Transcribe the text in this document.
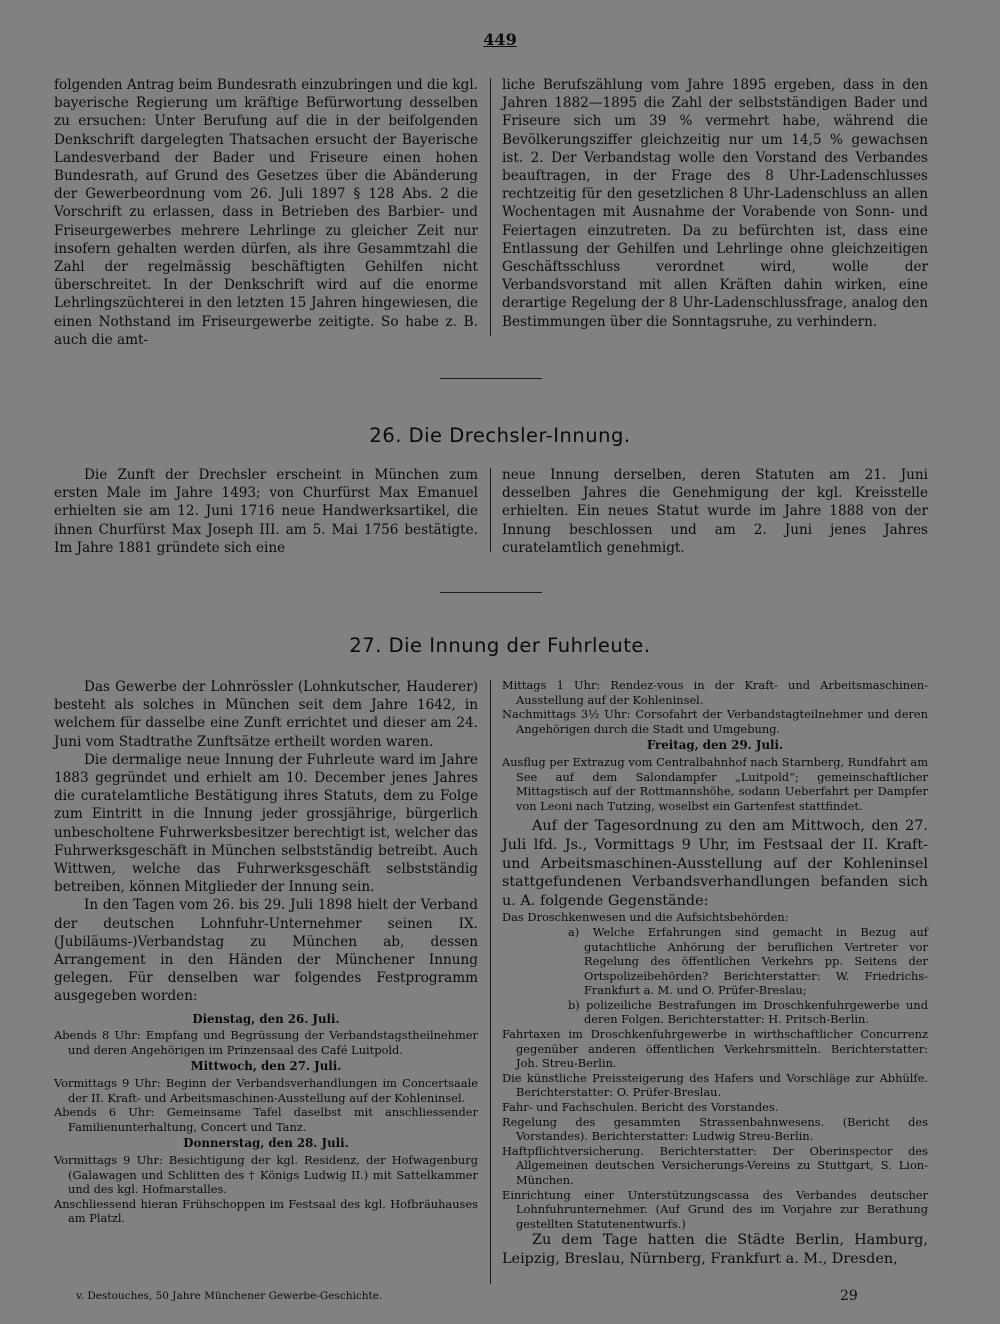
449

folgenden Antrag beim Bundesrath einzubringen und die kgl. bayerische Regierung um kräftige Befürwortung desselben zu ersuchen: Unter Berufung auf die in der beifolgenden Denkschrift dargelegten Thatsachen ersucht der Bayerische Landesverband der Bader und Friseure einen hohen Bundesrath, auf Grund des Gesetzes über die Abänderung der Gewerbeordnung vom 26. Juli 1897 § 128 Abs. 2 die Vorschrift zu erlassen, dass in Betrieben des Barbier- und Friseurgewerbes mehrere Lehrlinge zu gleicher Zeit nur insofern gehalten werden dürfen, als ihre Gesammtzahl die Zahl der regelmässig beschäftigten Gehilfen nicht überschreitet. In der Denkschrift wird auf die enorme Lehrlingszüchterei in den letzten 15 Jahren hingewiesen, die einen Nothstand im Friseurgewerbe zeitigte. So habe z. B. auch die amt-

liche Berufszählung vom Jahre 1895 ergeben, dass in den Jahren 1882—1895 die Zahl der selbstständigen Bader und Friseure sich um 39 % vermehrt habe, während die Bevölkerungsziffer gleichzeitig nur um 14,5 % gewachsen ist. 2. Der Verbandstag wolle den Vorstand des Verbandes beauftragen, in der Frage des 8 Uhr-Ladenschlusses rechtzeitig für den gesetzlichen 8 Uhr-Ladenschluss an allen Wochentagen mit Ausnahme der Vorabende von Sonn- und Feiertagen einzutreten. Da zu befürchten ist, dass eine Entlassung der Gehilfen und Lehrlinge ohne gleichzeitigen Geschäftsschluss verordnet wird, wolle der Verbandsvorstand mit allen Kräften dahin wirken, eine derartige Regelung der 8 Uhr-Ladenschlussfrage, analog den Bestimmungen über die Sonntagsruhe, zu verhindern.

26. Die Drechsler-Innung.

Die Zunft der Drechsler erscheint in München zum ersten Male im Jahre 1493; von Churfürst Max Emanuel erhielten sie am 12. Juni 1716 neue Handwerksartikel, die ihnen Churfürst Max Joseph III. am 5. Mai 1756 bestätigte. Im Jahre 1881 gründete sich eine

neue Innung derselben, deren Statuten am 21. Juni desselben Jahres die Genehmigung der kgl. Kreisstelle erhielten. Ein neues Statut wurde im Jahre 1888 von der Innung beschlossen und am 2. Juni jenes Jahres curatelamtlich genehmigt.

27. Die Innung der Fuhrleute.

Das Gewerbe der Lohnrössler (Lohnkutscher, Hauderer) besteht als solches in München seit dem Jahre 1642, in welchem für dasselbe eine Zunft errichtet und dieser am 24. Juni vom Stadtrathe Zunftsätze ertheilt worden waren.

Die dermalige neue Innung der Fuhrleute ward im Jahre 1883 gegründet und erhielt am 10. December jenes Jahres die curatelamtliche Bestätigung ihres Statuts, dem zu Folge zum Eintritt in die Innung jeder grossjährige, bürgerlich unbescholtene Fuhrwerksbesitzer berechtigt ist, welcher das Fuhrwerksgeschäft in München selbstständig betreibt. Auch Wittwen, welche das Fuhrwerksgeschäft selbstständig betreiben, können Mitglieder der Innung sein.

In den Tagen vom 26. bis 29. Juli 1898 hielt der Verband der deutschen Lohnfuhr-Unternehmer seinen IX. (Jubiläums-)Verbandstag zu München ab, dessen Arrangement in den Händen der Münchener Innung gelegen. Für denselben war folgendes Festprogramm ausgegeben worden:

Dienstag, den 26. Juli.

Abends 8 Uhr: Empfang und Begrüssung der Verbandstagstheilnehmer und deren Angehörigen im Prinzensaal des Café Luitpold.

Mittwoch, den 27. Juli.

Vormittags 9 Uhr: Beginn der Verbandsverhandlungen im Concertsaale der II. Kraft- und Arbeitsmaschinen-Ausstellung auf der Kohleninsel.

Abends 6 Uhr: Gemeinsame Tafel daselbst mit anschliessender Familienunterhaltung, Concert und Tanz.

Donnerstag, den 28. Juli.

Vormittags 9 Uhr: Besichtigung der kgl. Residenz, der Hofwagenburg (Galawagen und Schlitten des † Königs Ludwig II.) mit Sattelkammer und des kgl. Hofmarstalles.

Anschliessend hieran Frühschoppen im Festsaal des kgl. Hofbräuhauses am Platzl.

Mittags 1 Uhr: Rendez-vous in der Kraft- und Arbeitsmaschinen-Ausstellung auf der Kohleninsel.

Nachmittags 3½ Uhr: Corsofahrt der Verbandstagteilnehmer und deren Angehörigen durch die Stadt und Umgebung.

Freitag, den 29. Juli.

Ausflug per Extrazug vom Centralbahnhof nach Starnberg, Rundfahrt am See auf dem Salondampfer „Luitpold“; gemeinschaftlicher Mittagstisch auf der Rottmannshöhe, sodann Ueberfahrt per Dampfer von Leoni nach Tutzing, woselbst ein Gartenfest stattfindet.

Auf der Tagesordnung zu den am Mittwoch, den 27. Juli lfd. Js., Vormittags 9 Uhr, im Festsaal der II. Kraft- und Arbeitsmaschinen-Ausstellung auf der Kohleninsel stattgefundenen Verbandsverhandlungen befanden sich u. A. folgende Gegenstände:

Das Droschkenwesen und die Aufsichtsbehörden:

a) Welche Erfahrungen sind gemacht in Bezug auf gutachtliche Anhörung der beruflichen Vertreter vor Regelung des öffentlichen Verkehrs pp. Seitens der Ortspolizeibehörden? Berichterstatter: W. Friedrichs-Frankfurt a. M. und O. Prüfer-Breslau;

b) polizeiliche Bestrafungen im Droschkenfuhrgewerbe und deren Folgen. Berichterstatter: H. Pritsch-Berlin.

Fahrtaxen im Droschkenfuhrgewerbe in wirthschaftlicher Concurrenz gegenüber anderen öffentlichen Verkehrsmitteln. Berichterstatter: Joh. Streu-Berlin.

Die künstliche Preissteigerung des Hafers und Vorschläge zur Abhülfe. Berichterstatter: O. Prüfer-Breslau.

Fahr- und Fachschulen. Bericht des Vorstandes.

Regelung des gesammten Strassenbahnwesens. (Bericht des Vorstandes). Berichterstatter: Ludwig Streu-Berlin.

Haftpflichtversicherung. Berichterstatter: Der Oberinspector des Allgemeinen deutschen Versicherungs-Vereins zu Stuttgart, S. Lion-München.

Einrichtung einer Unterstützungscassa des Verbandes deutscher Lohnfuhrunternehmer. (Auf Grund des im Vorjahre zur Berathung gestellten Statutenentwurfs.)

Zu dem Tage hatten die Städte Berlin, Hamburg, Leipzig, Breslau, Nürnberg, Frankfurt a. M., Dresden,

v. Destouches, 50 Jahre Münchener Gewerbe-Geschichte.	29
